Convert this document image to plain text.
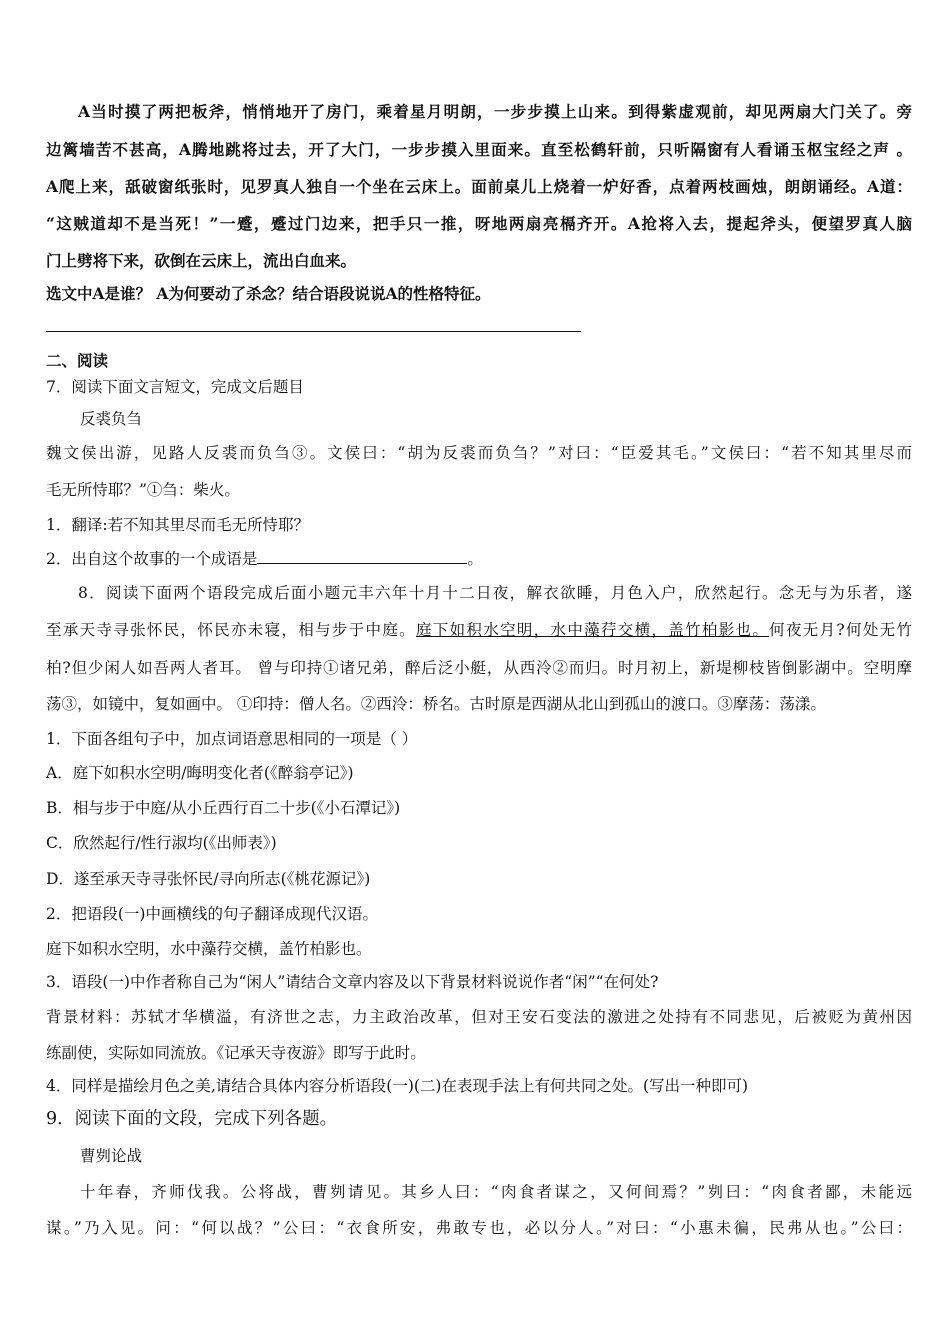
A当时摸了两把板斧，悄悄地开了房门，乘着星月明朗，一步步摸上山来。到得紫虚观前，却见两扇大门关了。旁
边篱墙苦不甚高，A腾地跳将过去，开了大门，一步步摸入里面来。直至松鹤轩前，只听隔窗有人看诵玉枢宝经之声 。
A爬上来，舐破窗纸张时，见罗真人独自一个坐在云床上。面前桌儿上烧着一炉好香，点着两枝画烛，朗朗诵经。A道：
“这贼道却不是当死！”一蹙，蹙过门边来，把手只一推，呀地两扇亮槅齐开。A抢将入去，提起斧头，便望罗真人脑
门上劈将下来，砍倒在云床上，流出白血来。
选文中A是谁？ A为何要动了杀念？结合语段说说A的性格特征。
二、阅读
7．阅读下面文言短文，完成文后题目
反裘负刍
魏文侯出游，见路人反裘而负刍③。文侯曰：“胡为反裘而负刍？”对曰：“臣爱其毛。”文侯曰：“若不知其里尽而
毛无所恃耶？”①刍：柴火。
1．翻译:若不知其里尽而毛无所恃耶？
2．出自这个故事的一个成语是	。
8．阅读下面两个语段完成后面小题元丰六年十月十二日夜，解衣欲睡，月色入户，欣然起行。念无与为乐者，遂
至承天寺寻张怀民，怀民亦未寝，相与步于中庭。庭下如积水空明，水中藻荇交横，盖竹柏影也。何夜无月?何处无竹
柏?但少闲人如吾两人者耳。 曾与印持①诸兄弟，醉后泛小艇，从西泠②而归。时月初上，新堤柳枝皆倒影湖中。空明摩
荡③，如镜中，复如画中。 ①印持：僧人名。②西泠：桥名。古时原是西湖从北山到孤山的渡口。③摩荡：荡漾。
1．下面各组句子中，加点词语意思相同的一项是（ ）
A．庭下如积水空明/晦明变化者(《醉翁亭记》)
B．相与步于中庭/从小丘西行百二十步(《小石潭记》)
C．欣然起行/性行淑均(《出师表》)
D．遂至承天寺寻张怀民/寻向所志(《桃花源记》)
2．把语段(一)中画横线的句子翻译成现代汉语。
庭下如积水空明，水中藻荇交横，盖竹柏影也。
3．语段(一)中作者称自己为“闲人”请结合文章内容及以下背景材料说说作者“闲”“在何处?
背景材料：苏轼才华横溢，有济世之志，力主政治改革，但对王安石变法的激进之处持有不同悲见，后被贬为黄州因
练副使，实际如同流放。《记承天寺夜游》即写于此时。
4．同样是描绘月色之美,请结合具体内容分析语段(一)(二)在表现手法上有何共同之处。(写出一种即可)
9．阅读下面的文段，完成下列各题。
曹刿论战
十年春，齐师伐我。公将战，曹刿请见。其乡人曰：“肉食者谋之，又何间焉？”刿曰：“肉食者鄙，未能远
谋。”乃入见。问：“何以战？”公曰：“衣食所安，弗敢专也，必以分人。”对曰：“小惠未徧，民弗从也。”公曰：
